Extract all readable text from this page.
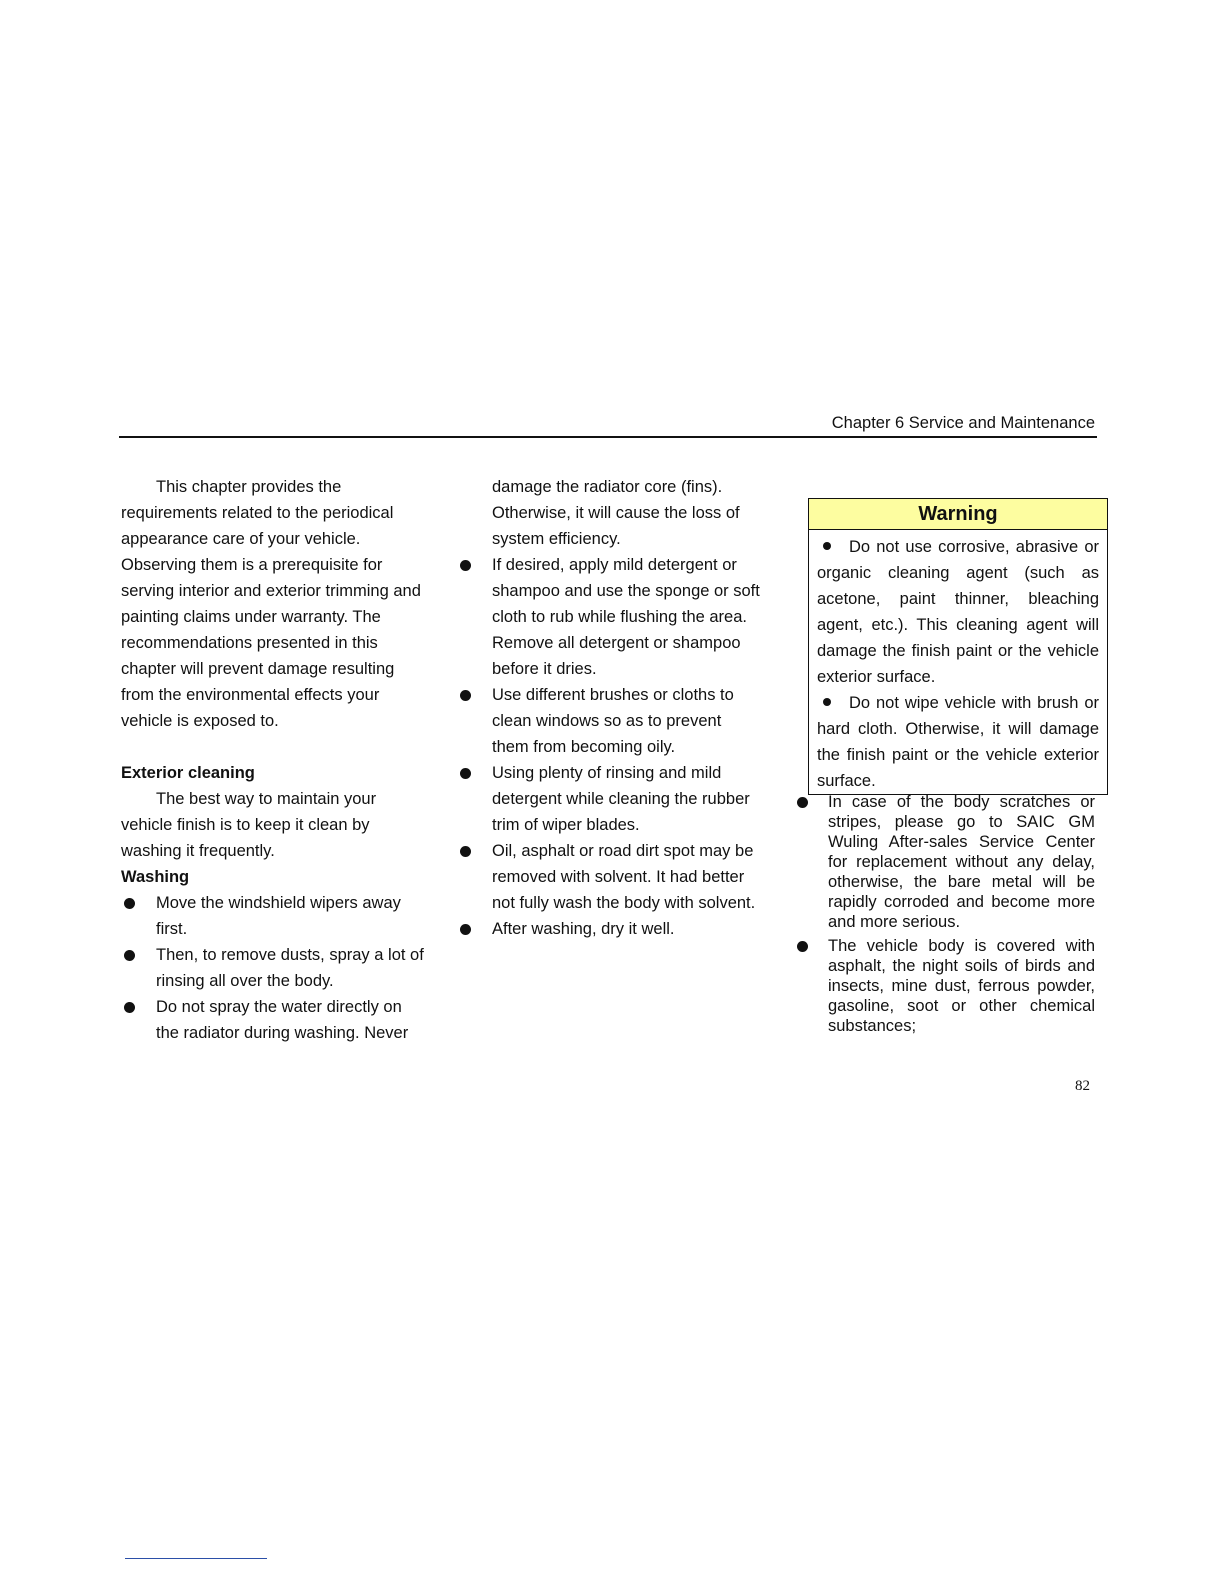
Chapter 6 Service and Maintenance

This chapter provides the requirements related to the periodical appearance care of your vehicle. Observing them is a prerequisite for serving interior and exterior trimming and painting claims under warranty. The recommendations presented in this chapter will prevent damage resulting from the environmental effects your vehicle is exposed to.

Exterior cleaning

The best way to maintain your vehicle finish is to keep it clean by washing it frequently.

Washing

Move the windshield wipers away first.
Then, to remove dusts, spray a lot of rinsing all over the body.
Do not spray the water directly on the radiator during washing. Never

damage the radiator core (fins). Otherwise, it will cause the loss of system efficiency.

If desired, apply mild detergent or shampoo and use the sponge or soft cloth to rub while flushing the area. Remove all detergent or shampoo before it dries.
Use different brushes or cloths to clean windows so as to prevent them from becoming oily.
Using plenty of rinsing and mild detergent while cleaning the rubber trim of wiper blades.
Oil, asphalt or road dirt spot may be removed with solvent. It had better not fully wash the body with solvent.
After washing, dry it well.
Warning

Do not use corrosive, abrasive or organic cleaning agent (such as acetone, paint thinner, bleaching agent, etc.). This cleaning agent will damage the finish paint or the vehicle exterior surface.

Do not wipe vehicle with brush or hard cloth. Otherwise, it will damage the finish paint or the vehicle exterior surface.

In case of the body scratches or stripes, please go to SAIC GM Wuling After-sales Service Center for replacement without any delay, otherwise, the bare metal will be rapidly corroded and become more and more serious.
The vehicle body is covered with asphalt, the night soils of birds and insects, mine dust, ferrous powder, gasoline, soot or other chemical substances;
82
